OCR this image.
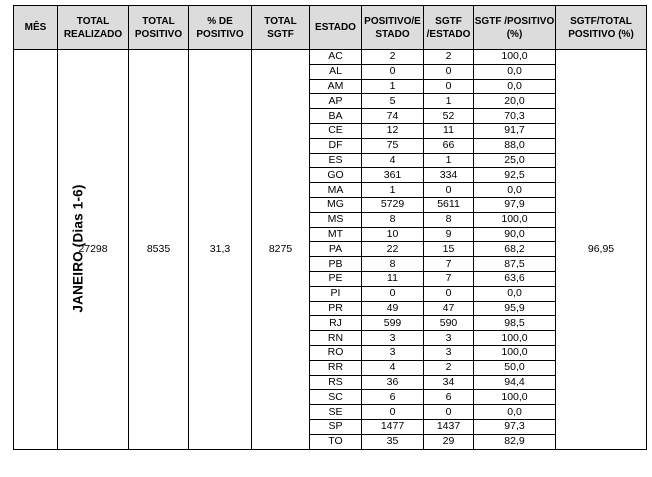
MÊS	TOTAL REALIZADO	TOTAL POSITIVO	% DE POSITIVO	TOTAL SGTF	ESTADO	POSITIVO/E STADO	SGTF /ESTADO	SGTF /POSITIVO (%)	SGTF/TOTAL POSITIVO (%)
JANEIRO (Dias 1-6)	27298	8535	31,3	8275	AC	2	2	100,0	96,95
					AL	0	0	0,0	
					AM	1	0	0,0	
					AP	5	1	20,0	
					BA	74	52	70,3	
					CE	12	11	91,7	
					DF	75	66	88,0	
					ES	4	1	25,0	
					GO	361	334	92,5	
					MA	1	0	0,0	
					MG	5729	5611	97,9	
					MS	8	8	100,0	
					MT	10	9	90,0	
					PA	22	15	68,2	
					PB	8	7	87,5	
					PE	11	7	63,6	
					PI	0	0	0,0	
					PR	49	47	95,9	
					RJ	599	590	98,5	
					RN	3	3	100,0	
					RO	3	3	100,0	
					RR	4	2	50,0	
					RS	36	34	94,4	
					SC	6	6	100,0	
					SE	0	0	0,0	
					SP	1477	1437	97,3	
					TO	35	29	82,9	
